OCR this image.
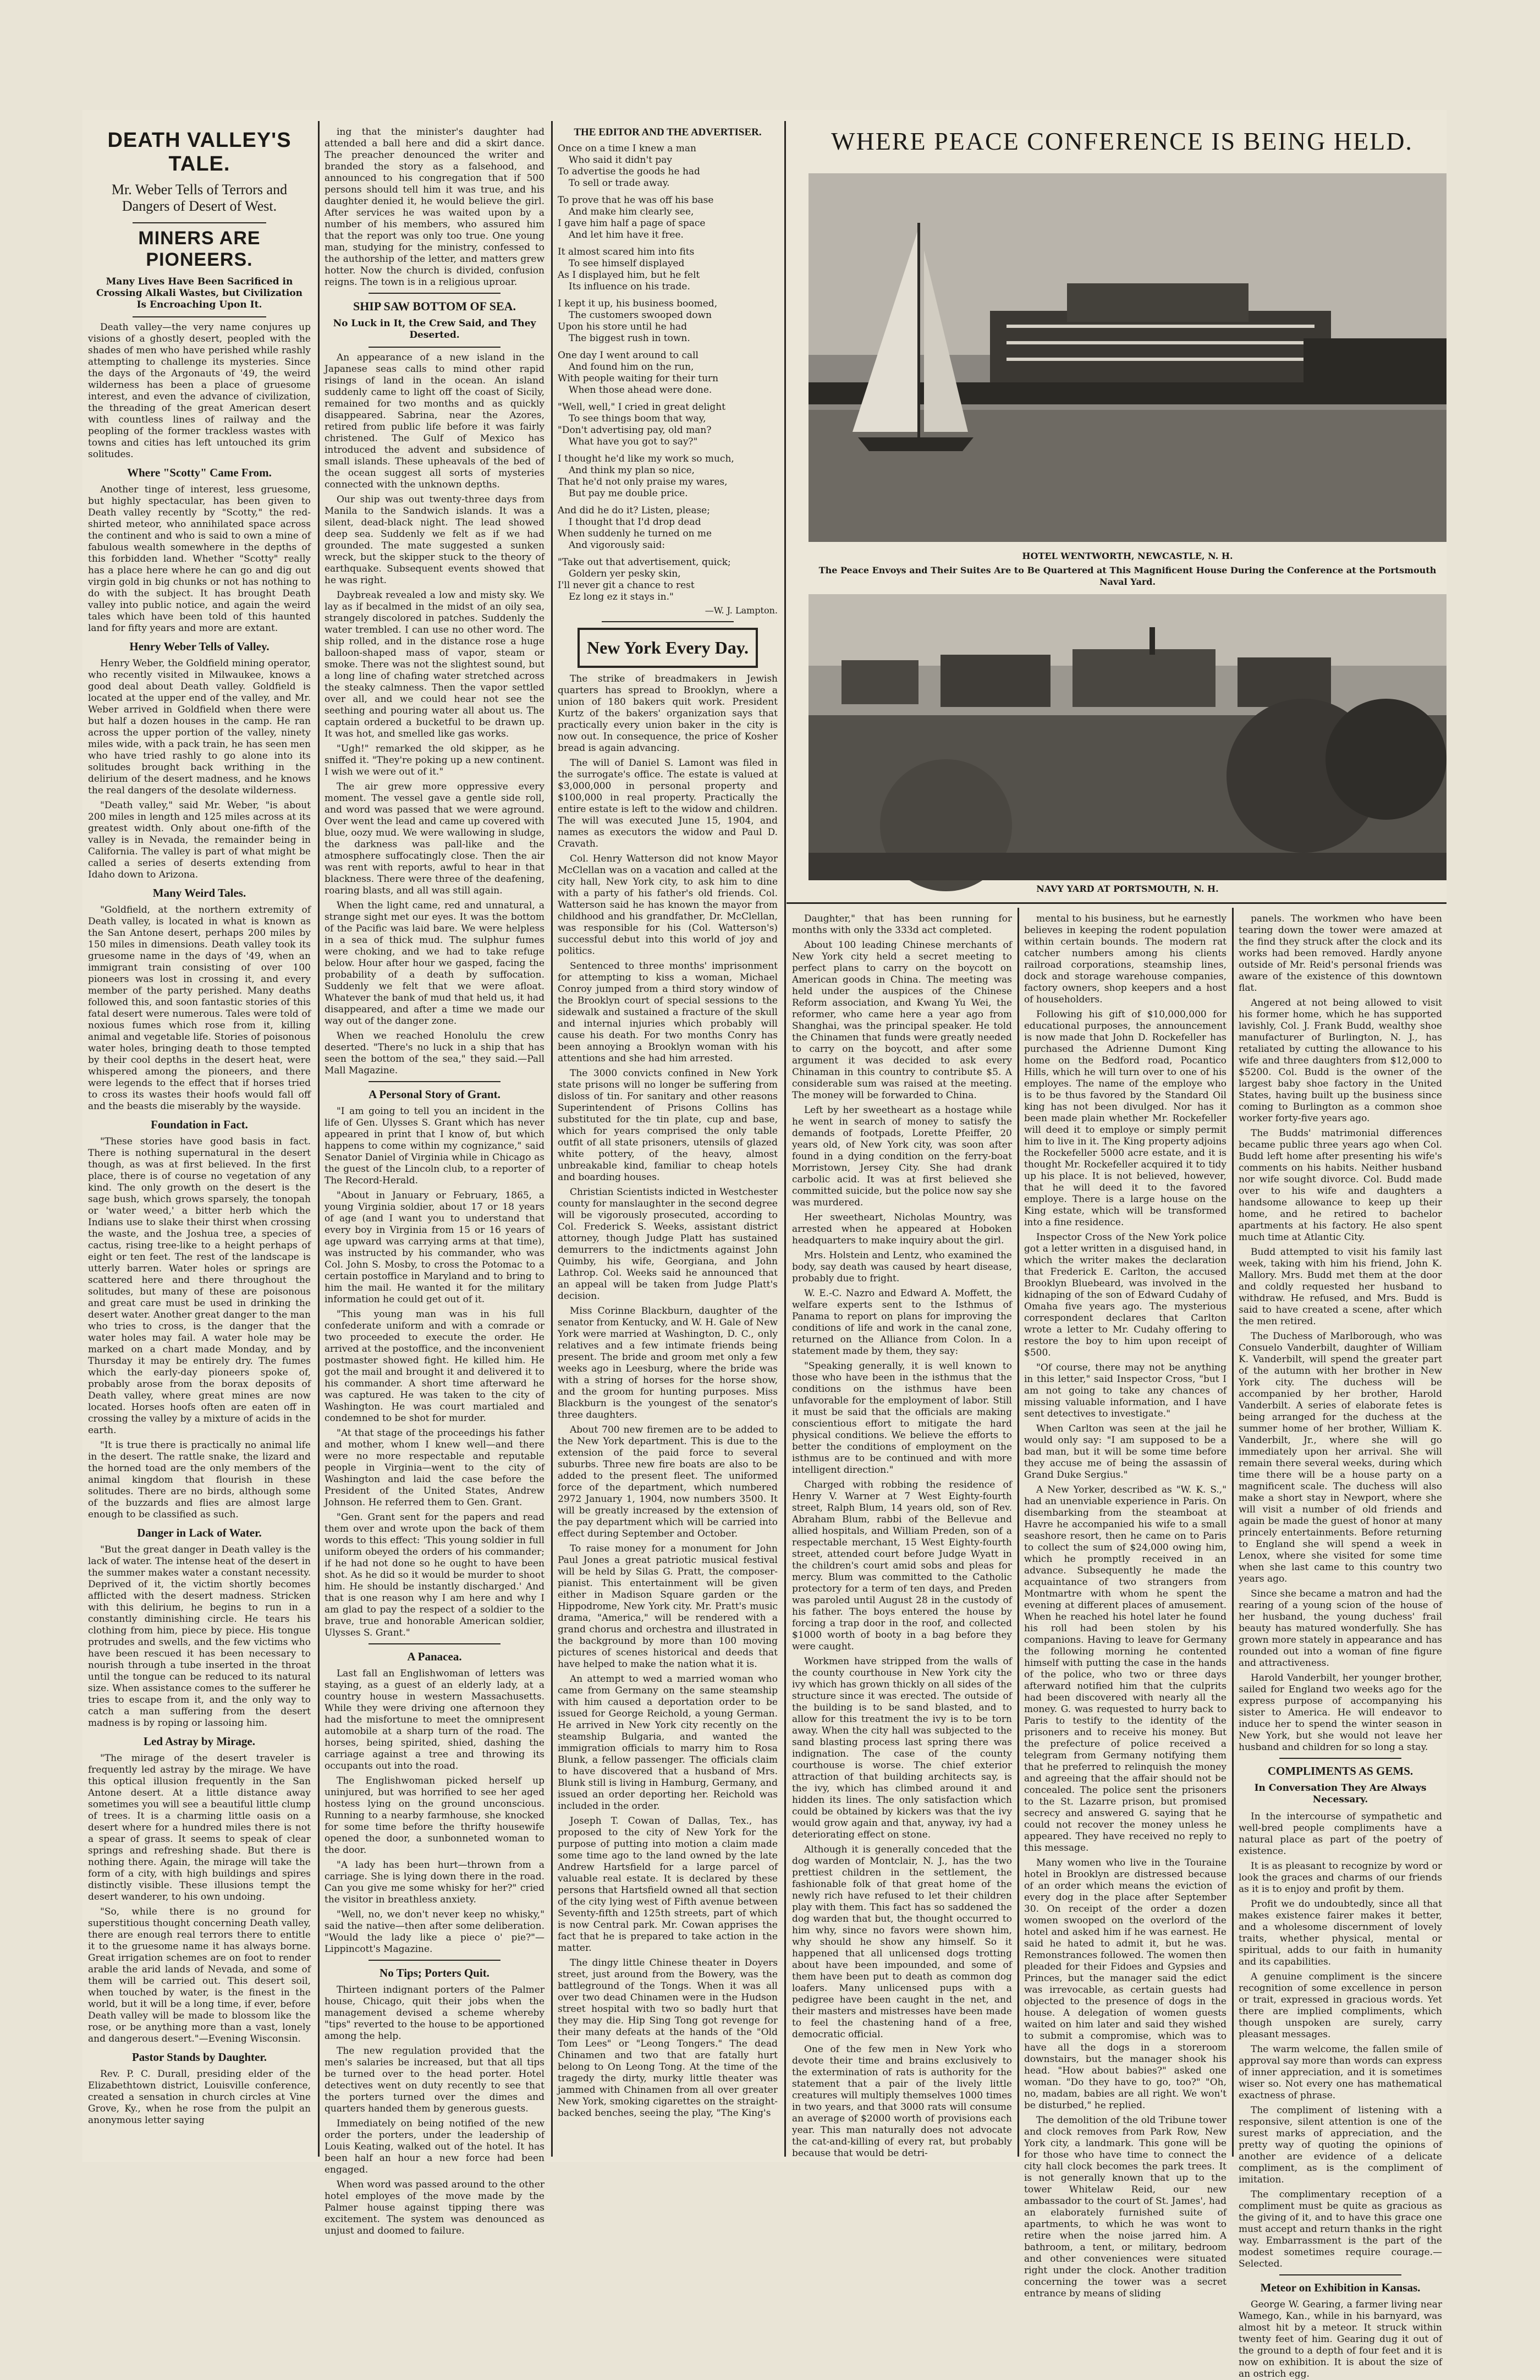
DEATH VALLEY'S TALE.
Mr. Weber Tells of Terrors and Dangers of Desert of West.
MINERS ARE PIONEERS.
Many Lives Have Been Sacrificed in Crossing Alkali Wastes, but Civilization Is Encroaching Upon It.

Death valley—the very name conjures up visions of a ghostly desert, peopled with the shades of men who have perished while rashly attempting to challenge its mysteries. Since the days of the Argonauts of '49, the weird wilderness has been a place of gruesome interest, and even the advance of civilization, the threading of the great American desert with countless lines of railway and the peopling of the former trackless wastes with towns and cities has left untouched its grim solitudes.

Where "Scotty" Came From.

Another tinge of interest, less gruesome, but highly spectacular, has been given to Death valley recently by "Scotty," the red-shirted meteor, who annihilated space across the continent and who is said to own a mine of fabulous wealth somewhere in the depths of this forbidden land. Whether "Scotty" really has a place here where he can go and dig out virgin gold in big chunks or not has nothing to do with the subject. It has brought Death valley into public notice, and again the weird tales which have been told of this haunted land for fifty years and more are extant.

Henry Weber Tells of Valley.

Henry Weber, the Goldfield mining operator, who recently visited in Milwaukee, knows a good deal about Death valley. Goldfield is located at the upper end of the valley, and Mr. Weber arrived in Goldfield when there were but half a dozen houses in the camp. He ran across the upper portion of the valley, ninety miles wide, with a pack train, he has seen men who have tried rashly to go alone into its solitudes brought back writhing in the delirium of the desert madness, and he knows the real dangers of the desolate wilderness.

"Death valley," said Mr. Weber, "is about 200 miles in length and 125 miles across at its greatest width. Only about one-fifth of the valley is in Nevada, the remainder being in California. The valley is part of what might be called a series of deserts extending from Idaho down to Arizona.

Many Weird Tales.

"Goldfield, at the northern extremity of Death valley, is located in what is known as the San Antone desert, perhaps 200 miles by 150 miles in dimensions. Death valley took its gruesome name in the days of '49, when an immigrant train consisting of over 100 pioneers was lost in crossing it, and every member of the party perished. Many deaths followed this, and soon fantastic stories of this fatal desert were numerous. Tales were told of noxious fumes which rose from it, killing animal and vegetable life. Stories of poisonous water holes, bringing death to those tempted by their cool depths in the desert heat, were whispered among the pioneers, and there were legends to the effect that if horses tried to cross its wastes their hoofs would fall off and the beasts die miserably by the wayside.

Foundation in Fact.

"These stories have good basis in fact. There is nothing supernatural in the desert though, as was at first believed. In the first place, there is of course no vegetation of any kind. The only growth on the desert is the sage bush, which grows sparsely, the tonopah or 'water weed,' a bitter herb which the Indians use to slake their thirst when crossing the waste, and the Joshua tree, a species of cactus, rising tree-like to a height perhaps of eight or ten feet. The rest of the landscape is utterly barren. Water holes or springs are scattered here and there throughout the solitudes, but many of these are poisonous and great care must be used in drinking the desert water. Another great danger to the man who tries to cross, is the danger that the water holes may fail. A water hole may be marked on a chart made Monday, and by Thursday it may be entirely dry. The fumes which the early-day pioneers spoke of, probably arose from the borax deposits of Death valley, where great mines are now located. Horses hoofs often are eaten off in crossing the valley by a mixture of acids in the earth.

"It is true there is practically no animal life in the desert. The rattle snake, the lizard and the horned toad are the only members of the animal kingdom that flourish in these solitudes. There are no birds, although some of the buzzards and flies are almost large enough to be classified as such.

Danger in Lack of Water.

"But the great danger in Death valley is the lack of water. The intense heat of the desert in the summer makes water a constant necessity. Deprived of it, the victim shortly becomes afflicted with the desert madness. Stricken with this delirium, he begins to run in a constantly diminishing circle. He tears his clothing from him, piece by piece. His tongue protrudes and swells, and the few victims who have been rescued it has been necessary to nourish through a tube inserted in the throat until the tongue can be reduced to its natural size. When assistance comes to the sufferer he tries to escape from it, and the only way to catch a man suffering from the desert madness is by roping or lassoing him.

Led Astray by Mirage.

"The mirage of the desert traveler is frequently led astray by the mirage. We have this optical illusion frequently in the San Antone desert. At a little distance away sometimes you will see a beautiful little clump of trees. It is a charming little oasis on a desert where for a hundred miles there is not a spear of grass. It seems to speak of clear springs and refreshing shade. But there is nothing there. Again, the mirage will take the form of a city, with high buildings and spires distinctly visible. These illusions tempt the desert wanderer, to his own undoing.

"So, while there is no ground for superstitious thought concerning Death valley, there are enough real terrors there to entitle it to the gruesome name it has always borne. Great irrigation schemes are on foot to render arable the arid lands of Nevada, and some of them will be carried out. This desert soil, when touched by water, is the finest in the world, but it will be a long time, if ever, before Death valley will be made to blossom like the rose, or be anything more than a vast, lonely and dangerous desert."—Evening Wisconsin.

Pastor Stands by Daughter.

Rev. P. C. Durall, presiding elder of the Elizabethtown district, Louisville conference, created a sensation in church circles at Vine Grove, Ky., when he rose from the pulpit an anonymous letter saying

ing that the minister's daughter had attended a ball here and did a skirt dance. The preacher denounced the writer and branded the story as a falsehood, and announced to his congregation that if 500 persons should tell him it was true, and his daughter denied it, he would believe the girl. After services he was waited upon by a number of his members, who assured him that the report was only too true. One young man, studying for the ministry, confessed to the authorship of the letter, and matters grew hotter. Now the church is divided, confusion reigns. The town is in a religious uproar.

SHIP SAW BOTTOM OF SEA.
No Luck in It, the Crew Said, and They Deserted.

An appearance of a new island in the Japanese seas calls to mind other rapid risings of land in the ocean. An island suddenly came to light off the coast of Sicily, remained for two months and as quickly disappeared. Sabrina, near the Azores, retired from public life before it was fairly christened. The Gulf of Mexico has introduced the advent and subsidence of small islands. These upheavals of the bed of the ocean suggest all sorts of mysteries connected with the unknown depths.

Our ship was out twenty-three days from Manila to the Sandwich islands. It was a silent, dead-black night. The lead showed deep sea. Suddenly we felt as if we had grounded. The mate suggested a sunken wreck, but the skipper stuck to the theory of earthquake. Subsequent events showed that he was right.

Daybreak revealed a low and misty sky. We lay as if becalmed in the midst of an oily sea, strangely discolored in patches. Suddenly the water trembled. I can use no other word. The ship rolled, and in the distance rose a huge balloon-shaped mass of vapor, steam or smoke. There was not the slightest sound, but a long line of chafing water stretched across the steaky calmness. Then the vapor settled over all, and we could hear not see the seething and pouring water all about us. The captain ordered a bucketful to be drawn up. It was hot, and smelled like gas works.

"Ugh!" remarked the old skipper, as he sniffed it. "They're poking up a new continent. I wish we were out of it."

The air grew more oppressive every moment. The vessel gave a gentle side roll, and word was passed that we were aground. Over went the lead and came up covered with blue, oozy mud. We were wallowing in sludge, the darkness was pall-like and the atmosphere suffocatingly close. Then the air was rent with reports, awful to hear in that blackness. There were three of the deafening, roaring blasts, and all was still again.

When the light came, red and unnatural, a strange sight met our eyes. It was the bottom of the Pacific was laid bare. We were helpless in a sea of thick mud. The sulphur fumes were choking, and we had to take refuge below. Hour after hour we gasped, facing the probability of a death by suffocation. Suddenly we felt that we were afloat. Whatever the bank of mud that held us, it had disappeared, and after a time we made our way out of the danger zone.

When we reached Honolulu the crew deserted. "There's no luck in a ship that has seen the bottom of the sea," they said.—Pall Mall Magazine.

A Personal Story of Grant.

"I am going to tell you an incident in the life of Gen. Ulysses S. Grant which has never appeared in print that I know of, but which happens to come within my cognizance," said Senator Daniel of Virginia while in Chicago as the guest of the Lincoln club, to a reporter of The Record-Herald.

"About in January or February, 1865, a young Virginia soldier, about 17 or 18 years of age (and I want you to understand that every boy in Virginia from 15 or 16 years of age upward was carrying arms at that time), was instructed by his commander, who was Col. John S. Mosby, to cross the Potomac to a certain postoffice in Maryland and to bring to him the mail. He wanted it for the military information he could get out of it.

"This young man was in his full confederate uniform and with a comrade or two proceeded to execute the order. He arrived at the postoffice, and the inconvenient postmaster showed fight. He killed him. He got the mail and brought it and delivered it to his commander. A short time afterward he was captured. He was taken to the city of Washington. He was court martialed and condemned to be shot for murder.

"At that stage of the proceedings his father and mother, whom I knew well—and there were no more respectable and reputable people in Virginia—went to the city of Washington and laid the case before the President of the United States, Andrew Johnson. He referred them to Gen. Grant.

"Gen. Grant sent for the papers and read them over and wrote upon the back of them words to this effect: 'This young soldier in full uniform obeyed the orders of his commander; if he had not done so he ought to have been shot. As he did so it would be murder to shoot him. He should be instantly discharged.' And that is one reason why I am here and why I am glad to pay the respect of a soldier to the brave, true and honorable American soldier, Ulysses S. Grant."

A Panacea.

Last fall an Englishwoman of letters was staying, as a guest of an elderly lady, at a country house in western Massachusetts. While they were driving one afternoon they had the misfortune to meet the omnipresent automobile at a sharp turn of the road. The horses, being spirited, shied, dashing the carriage against a tree and throwing its occupants out into the road.

The Englishwoman picked herself up uninjured, but was horrified to see her aged hostess lying on the ground unconscious. Running to a nearby farmhouse, she knocked for some time before the thrifty housewife opened the door, a sunbonneted woman to the door.

"A lady has been hurt—thrown from a carriage. She is lying down there in the road. Can you give me some whisky for her?" cried the visitor in breathless anxiety.

"Well, no, we don't never keep no whisky," said the native—then after some deliberation. "Would the lady like a piece o' pie?"—Lippincott's Magazine.

No Tips; Porters Quit.

Thirteen indignant porters of the Palmer house, Chicago, quit their jobs when the management devised a scheme whereby "tips" reverted to the house to be apportioned among the help.

The new regulation provided that the men's salaries be increased, but that all tips be turned over to the head porter. Hotel detectives went on duty recently to see that the porters turned over the dimes and quarters handed them by generous guests.

Immediately on being notified of the new order the porters, under the leadership of Louis Keating, walked out of the hotel. It has been half an hour a new force had been engaged.

When word was passed around to the other hotel employes of the move made by the Palmer house against tipping there was excitement. The system was denounced as unjust and doomed to failure.

THE EDITOR AND THE ADVERTISER.

Once on a time I knew a man

Who said it didn't pay

To advertise the goods he had

To sell or trade away.

To prove that he was off his base

And make him clearly see,

I gave him half a page of space

And let him have it free.

It almost scared him into fits

To see himself displayed

As I displayed him, but he felt

Its influence on his trade.

I kept it up, his business boomed,

The customers swooped down

Upon his store until he had

The biggest rush in town.

One day I went around to call

And found him on the run,

With people waiting for their turn

When those ahead were done.

"Well, well," I cried in great delight

To see things boom that way,

"Don't advertising pay, old man?

What have you got to say?"

I thought he'd like my work so much,

And think my plan so nice,

That he'd not only praise my wares,

But pay me double price.

And did he do it? Listen, please;

I thought that I'd drop dead

When suddenly he turned on me

And vigorously said:

"Take out that advertisement, quick;

Goldern yer pesky skin,

I'll never git a chance to rest

Ez long ez it stays in."

—W. J. Lampton.
New York Every Day.

The strike of breadmakers in Jewish quarters has spread to Brooklyn, where a union of 180 bakers quit work. President Kurtz of the bakers' organization says that practically every union baker in the city is now out. In consequence, the price of Kosher bread is again advancing.

The will of Daniel S. Lamont was filed in the surrogate's office. The estate is valued at $3,000,000 in personal property and $100,000 in real property. Practically the entire estate is left to the widow and children. The will was executed June 15, 1904, and names as executors the widow and Paul D. Cravath.

Col. Henry Watterson did not know Mayor McClellan was on a vacation and called at the city hall, New York city, to ask him to dine with a party of his father's old friends. Col. Watterson said he has known the mayor from childhood and his grandfather, Dr. McClellan, was responsible for his (Col. Watterson's) successful debut into this world of joy and politics.

Sentenced to three months' imprisonment for attempting to kiss a woman, Michael Conroy jumped from a third story window of the Brooklyn court of special sessions to the sidewalk and sustained a fracture of the skull and internal injuries which probably will cause his death. For two months Conry has been annoying a Brooklyn woman with his attentions and she had him arrested.

The 3000 convicts confined in New York state prisons will no longer be suffering from disloss of tin. For sanitary and other reasons Superintendent of Prisons Collins has substituted for the tin plate, cup and base, which for years comprised the only table outfit of all state prisoners, utensils of glazed white pottery, of the heavy, almost unbreakable kind, familiar to cheap hotels and boarding houses.

Christian Scientists indicted in Westchester county for manslaughter in the second degree will be vigorously prosecuted, according to Col. Frederick S. Weeks, assistant district attorney, though Judge Platt has sustained demurrers to the indictments against John Quimby, his wife, Georgiana, and John Lathrop. Col. Weeks said he announced that an appeal will be taken from Judge Platt's decision.

Miss Corinne Blackburn, daughter of the senator from Kentucky, and W. H. Gale of New York were married at Washington, D. C., only relatives and a few intimate friends being present. The bride and groom met only a few weeks ago in Leesburg, where the bride was with a string of horses for the horse show, and the groom for hunting purposes. Miss Blackburn is the youngest of the senator's three daughters.

About 700 new firemen are to be added to the New York department. This is due to the extension of the paid force to several suburbs. Three new fire boats are also to be added to the present fleet. The uniformed force of the department, which numbered 2972 January 1, 1904, now numbers 3500. It will be greatly increased by the extension of the pay department which will be carried into effect during September and October.

To raise money for a monument for John Paul Jones a great patriotic musical festival will be held by Silas G. Pratt, the composer-pianist. This entertainment will be given either in Madison Square garden or the Hippodrome, New York city. Mr. Pratt's music drama, "America," will be rendered with a grand chorus and orchestra and illustrated in the background by more than 100 moving pictures of scenes historical and deeds that have helped to make the nation what it is.

An attempt to wed a married woman who came from Germany on the same steamship with him caused a deportation order to be issued for George Reichold, a young German. He arrived in New York city recently on the steamship Bulgaria, and wanted the immigration officials to marry him to Rosa Blunk, a fellow passenger. The officials claim to have discovered that a husband of Mrs. Blunk still is living in Hamburg, Germany, and issued an order deporting her. Reichold was included in the order.

Joseph T. Cowan of Dallas, Tex., has proposed to the city of New York for the purpose of putting into motion a claim made some time ago to the land owned by the late Andrew Hartsfield for a large parcel of valuable real estate. It is declared by these persons that Hartsfield owned all that section of the city lying west of Fifth avenue between Seventy-fifth and 125th streets, part of which is now Central park. Mr. Cowan apprises the fact that he is prepared to take action in the matter.

The dingy little Chinese theater in Doyers street, just around from the Bowery, was the battleground of the Tongs. When it was all over two dead Chinamen were in the Hudson street hospital with two so badly hurt that they may die. Hip Sing Tong got revenge for their many defeats at the hands of the "Old Tom Lees" or "Leong Tongers." The dead Chinamen and two that are fatally hurt belong to On Leong Tong. At the time of the tragedy the dirty, murky little theater was jammed with Chinamen from all over greater New York, smoking cigarettes on the straight-backed benches, seeing the play, "The King's

WHERE PEACE CONFERENCE IS BEING HELD.
HOTEL WENTWORTH, NEWCASTLE, N. H.
The Peace Envoys and Their Suites Are to Be Quartered at This Magnificent House During the Conference at the Portsmouth Naval Yard.
NAVY YARD AT PORTSMOUTH, N. H.

Daughter," that has been running for months with only the 333d act completed.

About 100 leading Chinese merchants of New York city held a secret meeting to perfect plans to carry on the boycott on American goods in China. The meeting was held under the auspices of the Chinese Reform association, and Kwang Yu Wei, the reformer, who came here a year ago from Shanghai, was the principal speaker. He told the Chinamen that funds were greatly needed to carry on the boycott, and after some argument it was decided to ask every Chinaman in this country to contribute $5. A considerable sum was raised at the meeting. The money will be forwarded to China.

Left by her sweetheart as a hostage while he went in search of money to satisfy the demands of footpads, Lorette Pfeiffer, 20 years old, of New York city, was soon after found in a dying condition on the ferry-boat Morristown, Jersey City. She had drank carbolic acid. It was at first believed she committed suicide, but the police now say she was murdered.

Her sweetheart, Nicholas Mountry, was arrested when he appeared at Hoboken headquarters to make inquiry about the girl.

Mrs. Holstein and Lentz, who examined the body, say death was caused by heart disease, probably due to fright.

W. E.-C. Nazro and Edward A. Moffett, the welfare experts sent to the Isthmus of Panama to report on plans for improving the conditions of life and work in the canal zone, returned on the Alliance from Colon. In a statement made by them, they say:

"Speaking generally, it is well known to those who have been in the isthmus that the conditions on the isthmus have been unfavorable for the employment of labor. Still it must be said that the officials are making conscientious effort to mitigate the hard physical conditions. We believe the efforts to better the conditions of employment on the isthmus are to be continued and with more intelligent direction."

Charged with robbing the residence of Henry V. Warner at 7 West Eighty-fourth street, Ralph Blum, 14 years old, son of Rev. Abraham Blum, rabbi of the Bellevue and allied hospitals, and William Preden, son of a respectable merchant, 15 West Eighty-fourth street, attended court before Judge Wyatt in the children's court amid sobs and pleas for mercy. Blum was committed to the Catholic protectory for a term of ten days, and Preden was paroled until August 28 in the custody of his father. The boys entered the house by forcing a trap door in the roof, and collected $1000 worth of booty in a bag before they were caught.

Workmen have stripped from the walls of the county courthouse in New York city the ivy which has grown thickly on all sides of the structure since it was erected. The outside of the building is to be sand blasted, and to allow for this treatment the ivy is to be torn away. When the city hall was subjected to the sand blasting process last spring there was indignation. The case of the county courthouse is worse. The chief exterior attraction of that building architects say, is the ivy, which has climbed around it and hidden its lines. The only satisfaction which could be obtained by kickers was that the ivy would grow again and that, anyway, ivy had a deteriorating effect on stone.

Although it is generally conceded that the dog warden of Montclair, N. J., has the two prettiest children in the settlement, the fashionable folk of that great home of the newly rich have refused to let their children play with them. This fact has so saddened the dog warden that but, the thought occurred to him why, since no favors were shown him, why should he show any himself. So it happened that all unlicensed dogs trotting about have been impounded, and some of them have been put to death as common dog loafers. Many unlicensed pups with a pedigree have been caught in the net, and their masters and mistresses have been made to feel the chastening hand of a free, democratic official.

One of the few men in New York who devote their time and brains exclusively to the extermination of rats is authority for the statement that a pair of the lively little creatures will multiply themselves 1000 times in two years, and that 3000 rats will consume an average of $2000 worth of provisions each year. This man naturally does not advocate the cat-and-killing of every rat, but probably because that would be detri-

mental to his business, but he earnestly believes in keeping the rodent population within certain bounds. The modern rat catcher numbers among his clients railroad corporations, steamship lines, dock and storage warehouse companies, factory owners, shop keepers and a host of householders.

Following his gift of $10,000,000 for educational purposes, the announcement is now made that John D. Rockefeller has purchased the Adrienne Dumont King home on the Bedford road, Pocantico Hills, which he will turn over to one of his employes. The name of the employe who is to be thus favored by the Standard Oil king has not been divulged. Nor has it been made plain whether Mr. Rockefeller will deed it to employe or simply permit him to live in it. The King property adjoins the Rockefeller 5000 acre estate, and it is thought Mr. Rockefeller acquired it to tidy up his place. It is not believed, however, that he will deed it to the favored employe. There is a large house on the King estate, which will be transformed into a fine residence.

Inspector Cross of the New York police got a letter written in a disguised hand, in which the writer makes the declaration that Frederick E. Carlton, the accused Brooklyn Bluebeard, was involved in the kidnaping of the son of Edward Cudahy of Omaha five years ago. The mysterious correspondent declares that Carlton wrote a letter to Mr. Cudahy offering to restore the boy to him upon receipt of $500.

"Of course, there may not be anything in this letter," said Inspector Cross, "but I am not going to take any chances of missing valuable information, and I have sent detectives to investigate."

When Carlton was seen at the jail he would only say: "I am supposed to be a bad man, but it will be some time before they accuse me of being the assassin of Grand Duke Sergius."

A New Yorker, described as "W. K. S.," had an unenviable experience in Paris. On disembarking from the steamboat at Havre he accompanied his wife to a small seashore resort, then he came on to Paris to collect the sum of $24,000 owing him, which he promptly received in an advance. Subsequently he made the acquaintance of two strangers from Montmartre with whom he spent the evening at different places of amusement. When he reached his hotel later he found his roll had been stolen by his companions. Having to leave for Germany the following morning he contented himself with putting the case in the hands of the police, who two or three days afterward notified him that the culprits had been discovered with nearly all the money. G. was requested to hurry back to Paris to testify to the identity of the prisoners and to receive his money. But the prefecture of police received a telegram from Germany notifying them that he preferred to relinquish the money and agreeing that the affair should not be concealed. The police sent the prisoners to the St. Lazarre prison, but promised secrecy and answered G. saying that he could not recover the money unless he appeared. They have received no reply to this message.

Many women who live in the Touraine hotel in Brooklyn are distressed because of an order which means the eviction of every dog in the place after September 30. On receipt of the order a dozen women swooped on the overlord of the hotel and asked him if he was earnest. He said he hated to admit it, but he was. Remonstrances followed. The women then pleaded for their Fidoes and Gypsies and Princes, but the manager said the edict was irrevocable, as certain guests had objected to the presence of dogs in the house. A delegation of women guests waited on him later and said they wished to submit a compromise, which was to have all the dogs in a storeroom downstairs, but the manager shook his head. "How about babies?" asked one woman. "Do they have to go, too?" "Oh, no, madam, babies are all right. We won't be disturbed," he replied.

The demolition of the old Tribune tower and clock removes from Park Row, New York city, a landmark. This gone will be for those who have time to connect the city hall clock becomes the park trees. It is not generally known that up to the tower Whitelaw Reid, our new ambassador to the court of St. James', had an elaborately furnished suite of apartments, to which he was wont to retire when the noise jarred him. A bathroom, a tent, or military, bedroom and other conveniences were situated right under the clock. Another tradition concerning the tower was a secret entrance by means of sliding

panels. The workmen who have been tearing down the tower were amazed at the find they struck after the clock and its works had been removed. Hardly anyone outside of Mr. Reid's personal friends was aware of the existence of this downtown flat.

Angered at not being allowed to visit his former home, which he has supported lavishly, Col. J. Frank Budd, wealthy shoe manufacturer of Burlington, N. J., has retaliated by cutting the allowance to his wife and three daughters from $12,000 to $5200. Col. Budd is the owner of the largest baby shoe factory in the United States, having built up the business since coming to Burlington as a common shoe worker forty-five years ago.

The Budds' matrimonial differences became public three years ago when Col. Budd left home after presenting his wife's comments on his habits. Neither husband nor wife sought divorce. Col. Budd made over to his wife and daughters a handsome allowance to keep up their home, and he retired to bachelor apartments at his factory. He also spent much time at Atlantic City.

Budd attempted to visit his family last week, taking with him his friend, John K. Mallory. Mrs. Budd met them at the door and coldly requested her husband to withdraw. He refused, and Mrs. Budd is said to have created a scene, after which the men retired.

The Duchess of Marlborough, who was Consuelo Vanderbilt, daughter of William K. Vanderbilt, will spend the greater part of the autumn with her brother in New York city. The duchess will be accompanied by her brother, Harold Vanderbilt. A series of elaborate fetes is being arranged for the duchess at the summer home of her brother, William K. Vanderbilt, Jr., where she will go immediately upon her arrival. She will remain there several weeks, during which time there will be a house party on a magnificent scale. The duchess will also make a short stay in Newport, where she will visit a number of old friends and again be made the guest of honor at many princely entertainments. Before returning to England she will spend a week in Lenox, where she visited for some time when she last came to this country two years ago.

Since she became a matron and had the rearing of a young scion of the house of her husband, the young duchess' frail beauty has matured wonderfully. She has grown more stately in appearance and has rounded out into a woman of fine figure and attractiveness.

Harold Vanderbilt, her younger brother, sailed for England two weeks ago for the express purpose of accompanying his sister to America. He will endeavor to induce her to spend the winter season in New York, but she would not leave her husband and children for so long a stay.

COMPLIMENTS AS GEMS.
In Conversation They Are Always Necessary.

In the intercourse of sympathetic and well-bred people compliments have a natural place as part of the poetry of existence.

It is as pleasant to recognize by word or look the graces and charms of our friends as it is to enjoy and profit by them.

Profit we do undoubtedly, since all that makes existence fairer makes it better, and a wholesome discernment of lovely traits, whether physical, mental or spiritual, adds to our faith in humanity and its capabilities.

A genuine compliment is the sincere recognition of some excellence in person or trait, expressed in gracious words. Yet there are implied compliments, which though unspoken are surely, carry pleasant messages.

The warm welcome, the fallen smile of approval say more than words can express of inner appreciation, and it is sometimes wiser so. Not every one has mathematical exactness of phrase.

The compliment of listening with a responsive, silent attention is one of the surest marks of appreciation, and the pretty way of quoting the opinions of another are evidence of a delicate compliment, as is the compliment of imitation.

The complimentary reception of a compliment must be quite as gracious as the giving of it, and to have this grace one must accept and return thanks in the right way. Embarrassment is the part of the modest sometimes require courage.—Selected.

Meteor on Exhibition in Kansas.

George W. Gearing, a farmer living near Wamego, Kan., while in his barnyard, was almost hit by a meteor. It struck within twenty feet of him. Gearing dug it out of the ground to a depth of four feet and it is now on exhibition. It is about the size of an ostrich egg.
